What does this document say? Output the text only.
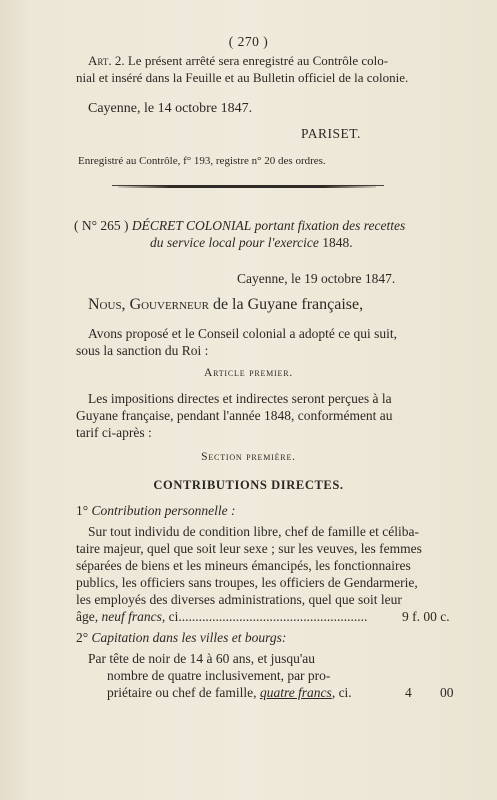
( 270 )
Art. 2. Le présent arrêté sera enregistré au Contrôle colo-
nial et inséré dans la Feuille et au Bulletin officiel de la colonie.
Cayenne, le 14 octobre 1847.
PARISET.
Enregistré au Contrôle, f° 193, registre n° 20 des ordres.
( N° 265 ) DÉCRET COLONIAL portant fixation des recettes
du service local pour l'exercice 1848.
Cayenne, le 19 octobre 1847.
Nous, Gouverneur de la Guyane française,
Avons proposé et le Conseil colonial a adopté ce qui suit,
sous la sanction du Roi :
Article premier.
Les impositions directes et indirectes seront perçues à la
Guyane française, pendant l'année 1848, conformément au
tarif ci-après :
Section première.
CONTRIBUTIONS DIRECTES.
1° Contribution personnelle :
Sur tout individu de condition libre, chef de famille et céliba-
taire majeur, quel que soit leur sexe ; sur les veuves, les femmes
séparées de biens et les mineurs émancipés, les fonctionnaires
publics, les officiers sans troupes, les officiers de Gendarmerie,
les employés des diverses administrations, quel que soit leur
âge, neuf francs, ci........................................................	9 f. 00 c.
2° Capitation dans les villes et bourgs:
Par tête de noir de 14 à 60 ans, et jusqu'au
nombre de quatre inclusivement, par pro-
priétaire ou chef de famille, quatre francs, ci.	4 00
